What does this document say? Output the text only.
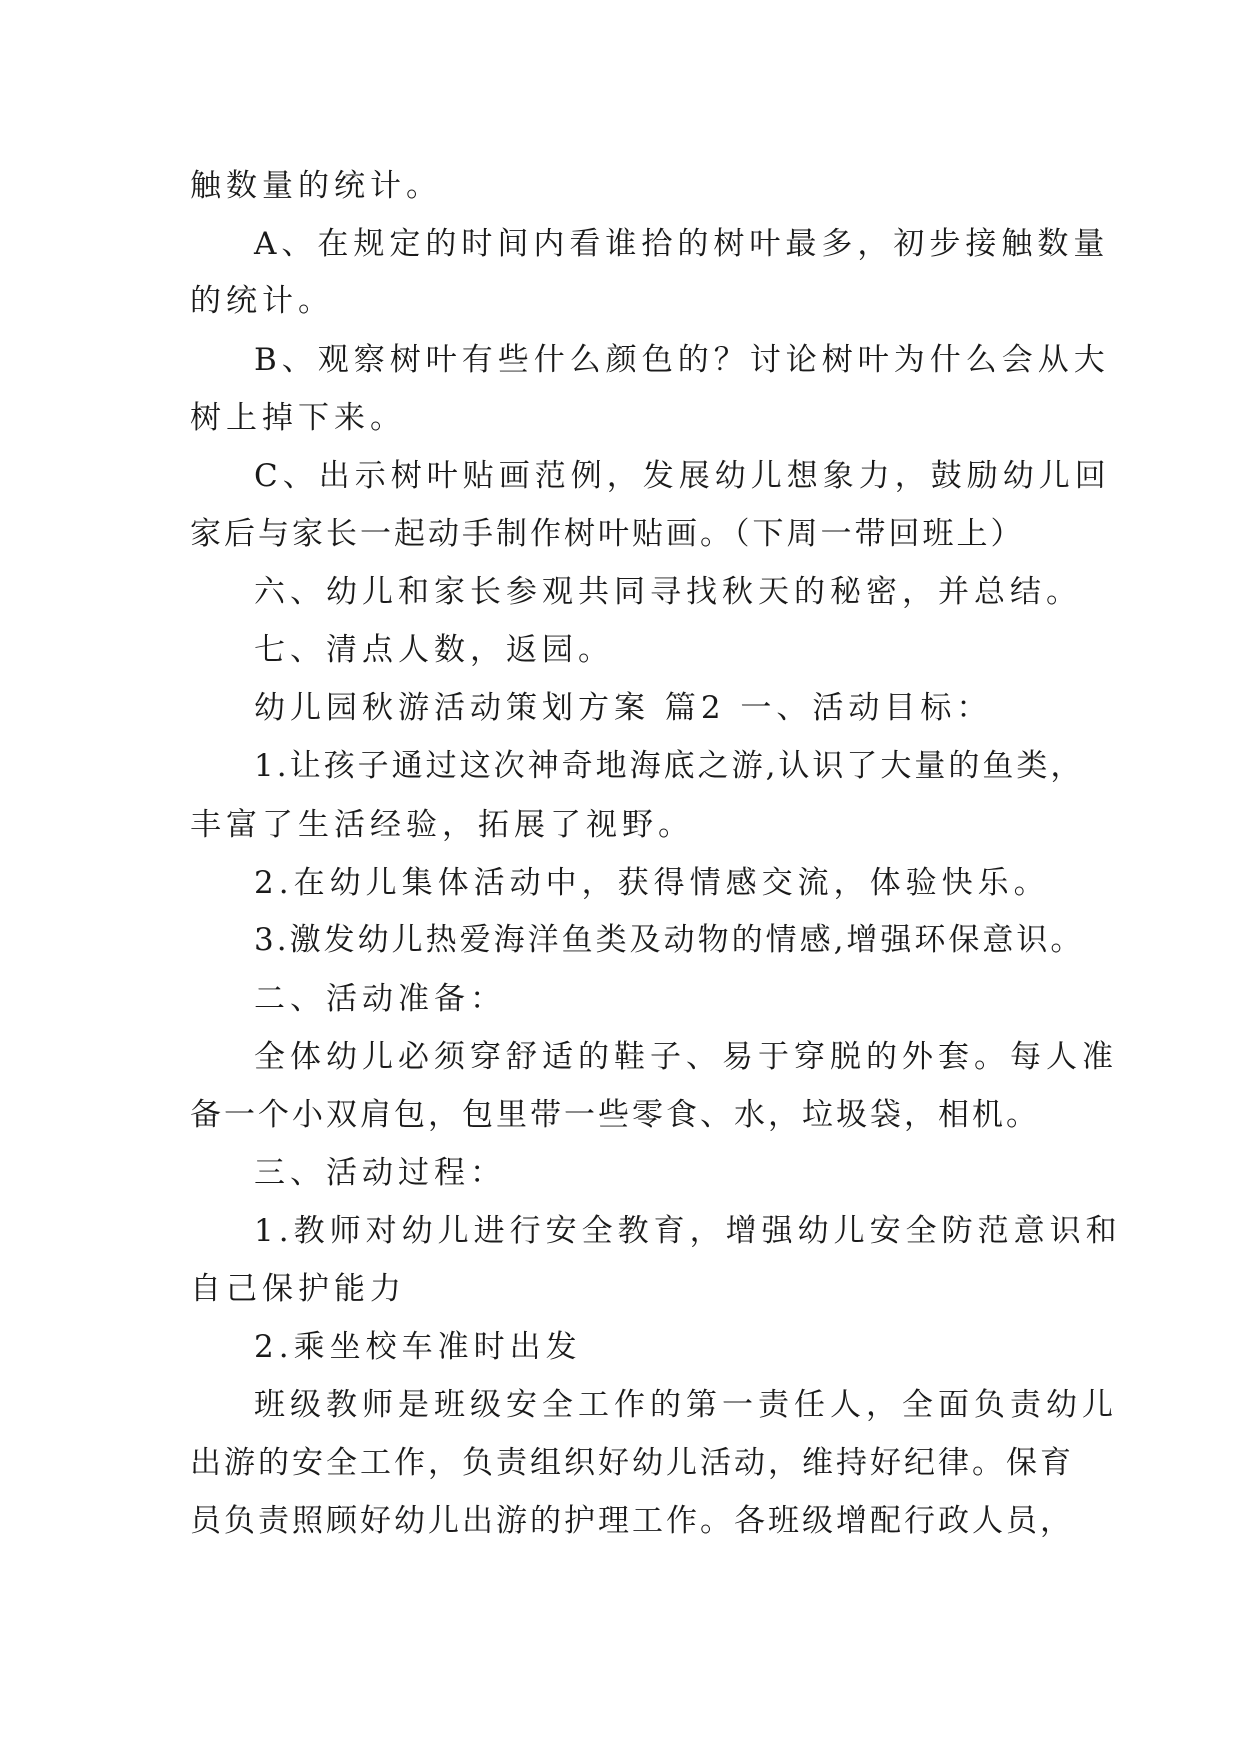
触数量的统计。
A、在规定的时间内看谁拾的树叶最多，初步接触数量
的统计。
B、观察树叶有些什么颜色的？讨论树叶为什么会从大
树上掉下来。
C、出示树叶贴画范例，发展幼儿想象力，鼓励幼儿回
家后与家长一起动手制作树叶贴画。（下周一带回班上）
六、幼儿和家长参观共同寻找秋天的秘密，并总结。
七、清点人数，返园。
幼儿园秋游活动策划方案 篇2 一、活动目标：
1.让孩子通过这次神奇地海底之游,认识了大量的鱼类，
丰富了生活经验，拓展了视野。
2.在幼儿集体活动中，获得情感交流，体验快乐。
3.激发幼儿热爱海洋鱼类及动物的情感,增强环保意识。
二、活动准备：
全体幼儿必须穿舒适的鞋子、易于穿脱的外套。每人准
备一个小双肩包，包里带一些零食、水，垃圾袋，相机。
三、活动过程：
1.教师对幼儿进行安全教育，增强幼儿安全防范意识和
自己保护能力
2.乘坐校车准时出发
班级教师是班级安全工作的第一责任人，全面负责幼儿
出游的安全工作，负责组织好幼儿活动，维持好纪律。保育
员负责照顾好幼儿出游的护理工作。各班级增配行政人员，
